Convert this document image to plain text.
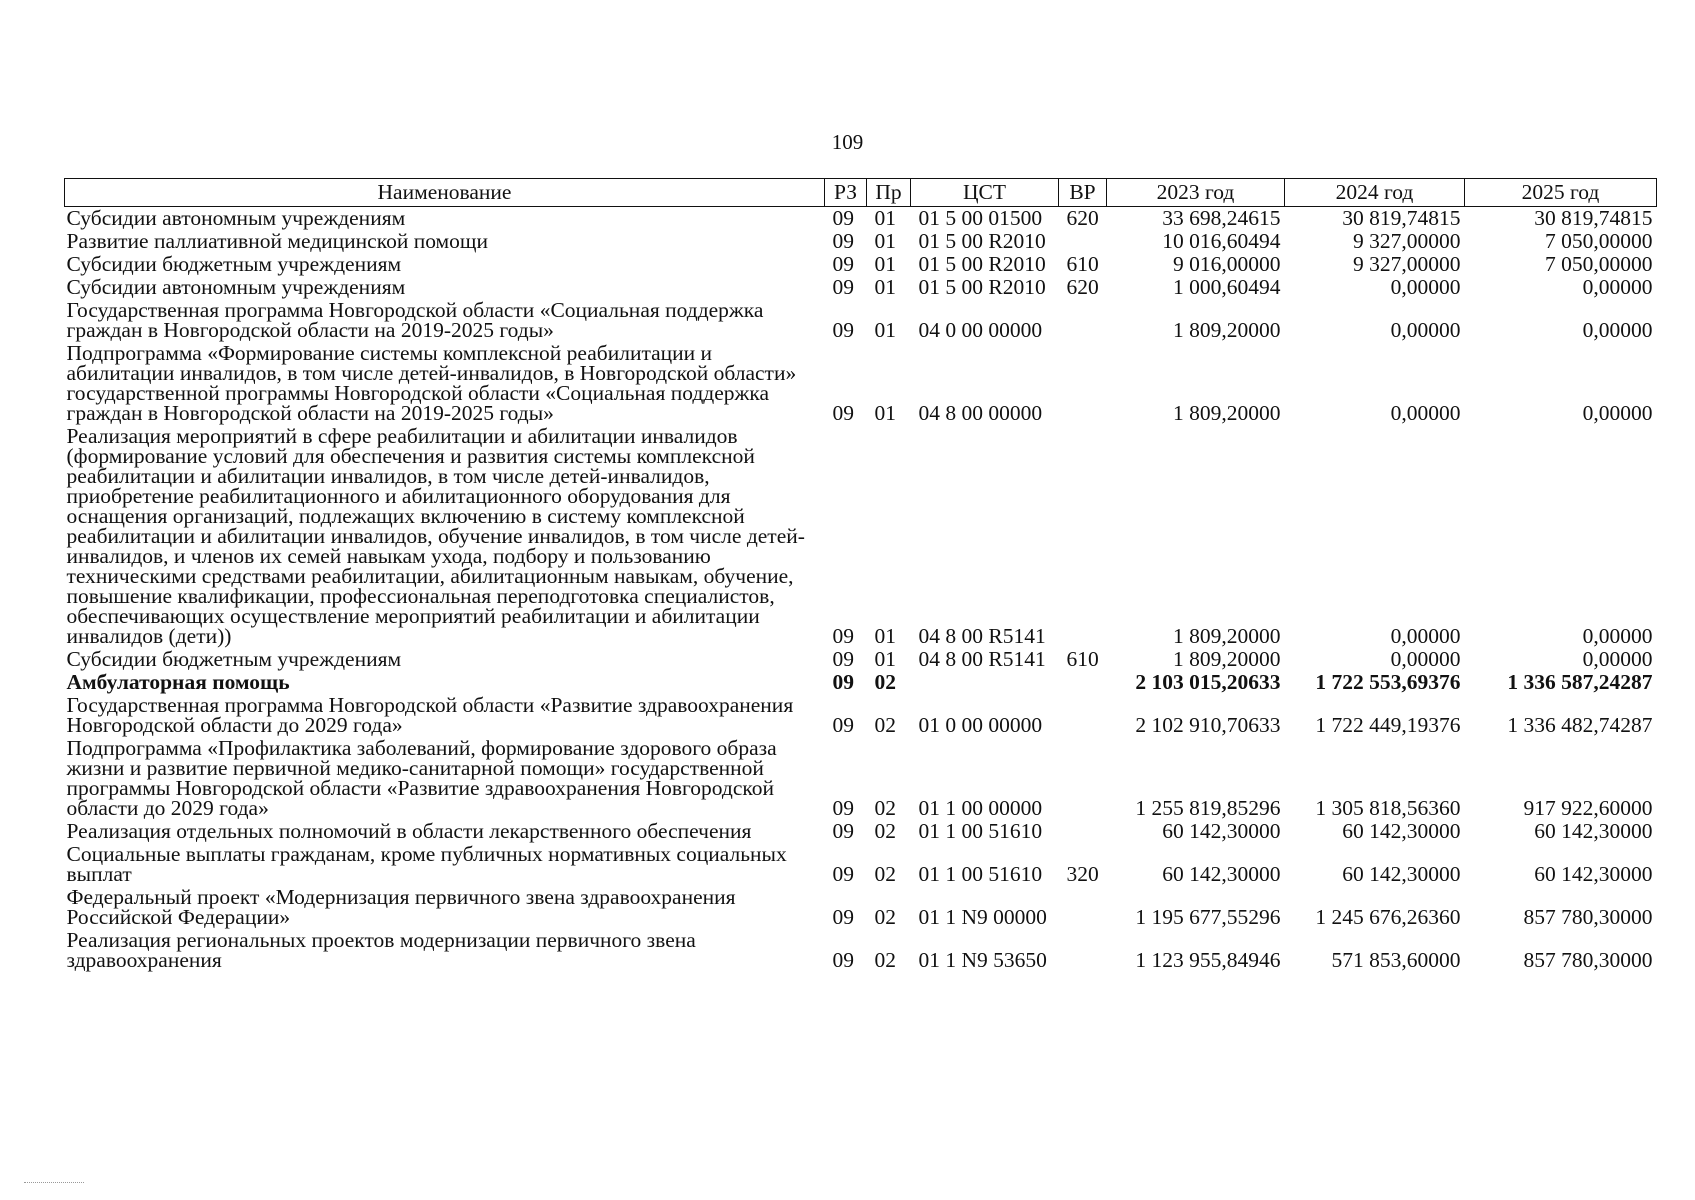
109
Наименование	РЗ	Пр	ЦСТ	ВР	2023 год	2024 год	2025 год
Субсидии автономным учреждениям	09	01	01 5 00 01500	620	33 698,24615	30 819,74815	30 819,74815
Развитие паллиативной медицинской помощи	09	01	01 5 00 R2010		10 016,60494	9 327,00000	7 050,00000
Субсидии бюджетным учреждениям	09	01	01 5 00 R2010	610	9 016,00000	9 327,00000	7 050,00000
Субсидии автономным учреждениям	09	01	01 5 00 R2010	620	1 000,60494	0,00000	0,00000
Государственная программа Новгородской области «Социальная поддержка граждан в Новгородской области на 2019-2025 годы»	09	01	04 0 00 00000		1 809,20000	0,00000	0,00000
Подпрограмма «Формирование системы комплексной реабилитации и абилитации инвалидов, в том числе детей-инвалидов, в Новгородской области» государственной программы Новгородской области «Социальная поддержка граждан в Новгородской области на 2019-2025 годы»	09	01	04 8 00 00000		1 809,20000	0,00000	0,00000
Реализация мероприятий в сфере реабилитации и абилитации инвалидов (формирование условий для обеспечения и развития системы комплексной реабилитации и абилитации инвалидов, в том числе детей-инвалидов, приобретение реабилитационного и абилитационного оборудования для оснащения организаций, подлежащих включению в систему комплексной реабилитации и абилитации инвалидов, обучение инвалидов, в том числе детей-инвалидов, и членов их семей навыкам ухода, подбору и пользованию техническими средствами реабилитации, абилитационным навыкам, обучение, повышение квалификации, профессиональная переподготовка специалистов, обеспечивающих осуществление мероприятий реабилитации и абилитации инвалидов (дети))	09	01	04 8 00 R5141		1 809,20000	0,00000	0,00000
Субсидии бюджетным учреждениям	09	01	04 8 00 R5141	610	1 809,20000	0,00000	0,00000
Амбулаторная помощь	09	02			2 103 015,20633	1 722 553,69376	1 336 587,24287
Государственная программа Новгородской области «Развитие здравоохранения Новгородской области до 2029 года»	09	02	01 0 00 00000		2 102 910,70633	1 722 449,19376	1 336 482,74287
Подпрограмма «Профилактика заболеваний, формирование здорового образа жизни и развитие первичной медико-санитарной помощи» государственной программы Новгородской области «Развитие здравоохранения Новгородской области до 2029 года»	09	02	01 1 00 00000		1 255 819,85296	1 305 818,56360	917 922,60000
Реализация отдельных полномочий в области лекарственного обеспечения	09	02	01 1 00 51610		60 142,30000	60 142,30000	60 142,30000
Социальные выплаты гражданам, кроме публичных нормативных социальных выплат	09	02	01 1 00 51610	320	60 142,30000	60 142,30000	60 142,30000
Федеральный проект «Модернизация первичного звена здравоохранения Российской Федерации»	09	02	01 1 N9 00000		1 195 677,55296	1 245 676,26360	857 780,30000
Реализация региональных проектов модернизации первичного звена здравоохранения	09	02	01 1 N9 53650		1 123 955,84946	571 853,60000	857 780,30000
